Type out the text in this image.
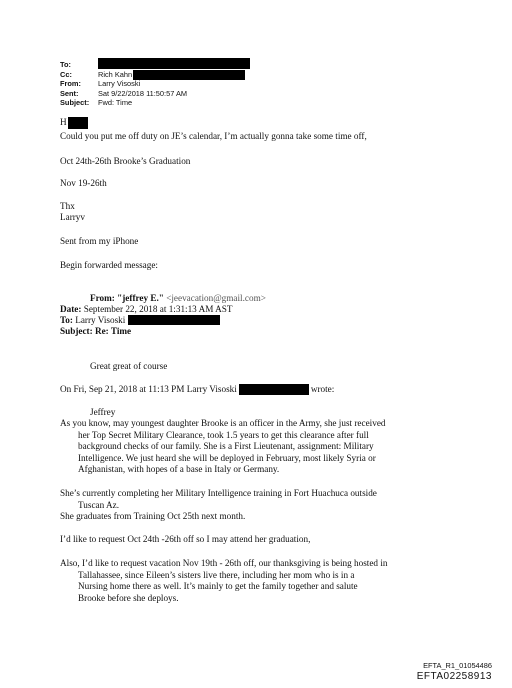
To:
Cc:	Rich Kahn
From:	Larry Visoski
Sent:	Sat 9/22/2018 11:50:57 AM
Subject:	Fwd: Time
H
Could you put me off duty on JE’s calendar, I’m actually gonna take some time off,
Oct 24th-26th Brooke’s Graduation
Nov 19-26th
Thx
Larryv
Sent from my iPhone
Begin forwarded message:
From: "jeffrey E." <jeevacation@gmail.com>
Date: September 22, 2018 at 1:31:13 AM AST
To: Larry Visoski
Subject: Re: Time
Great great of course
On Fri, Sep 21, 2018 at 11:13 PM Larry Visoski	wrote:
Jeffrey
As you know, may youngest daughter Brooke is an officer in the Army, she just received
her Top Secret Military Clearance, took 1.5 years to get this clearance after full
background checks of our family. She is a First Lieutenant, assignment: Military
Intelligence. We just heard she will be deployed in February, most likely Syria or
Afghanistan, with hopes of a base in Italy or Germany.
She’s currently completing her Military Intelligence training in Fort Huachuca outside
Tuscan Az.
She graduates from Training Oct 25th next month.
I’d like to request Oct 24th -26th off so I may attend her graduation,
Also, I’d like to request vacation Nov 19th - 26th off, our thanksgiving is being hosted in
Tallahassee, since Eileen’s sisters live there, including her mom who is in a
Nursing home there as well. It’s mainly to get the family together and salute
Brooke before she deploys.
EFTA_R1_01054486
EFTA02258913
